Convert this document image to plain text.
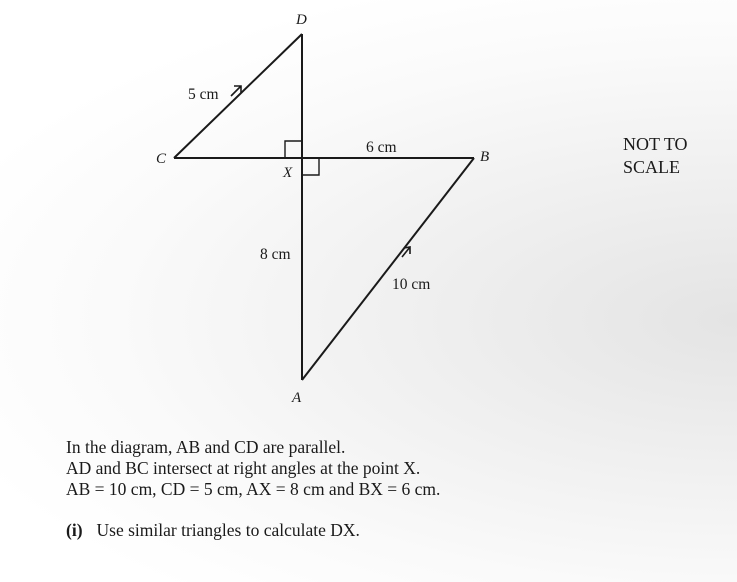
D
C	B
X
A
5 cm
6 cm
8 cm
10 cm
NOT TO
SCALE

In the diagram, AB and CD are parallel.

AD and BC intersect at right angles at the point X.

AB = 10 cm, CD = 5 cm, AX = 8 cm and BX = 6 cm.

(i) Use similar triangles to calculate DX.
